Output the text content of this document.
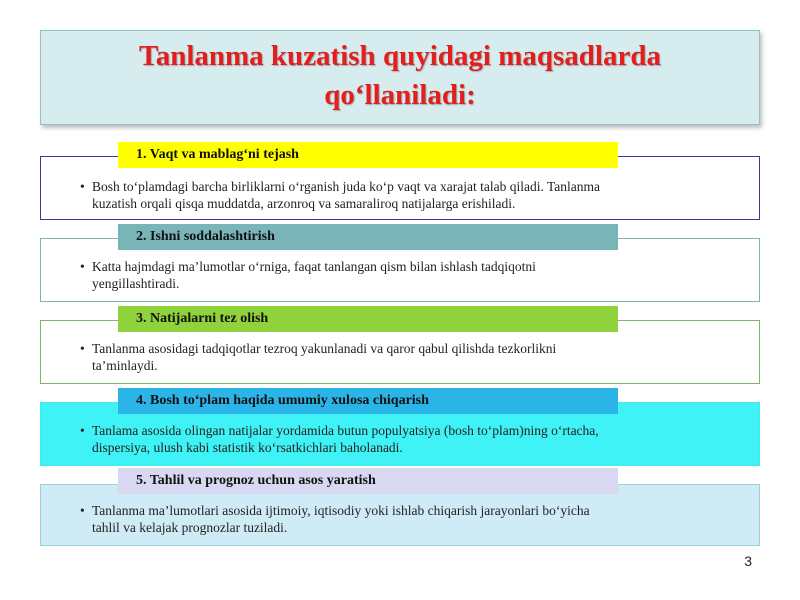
Tanlanma kuzatish quyidagi maqsadlarda
qo‘llaniladi:
1. Vaqt va mablag‘ni tejash
• Bosh to‘plamdagi barcha birliklarni o‘rganish juda ko‘p vaqt va xarajat talab qiladi. Tanlanma
kuzatish orqali qisqa muddatda, arzonroq va samaraliroq natijalarga erishiladi.
2. Ishni soddalashtirish
• Katta hajmdagi ma’lumotlar o‘rniga, faqat tanlangan qism bilan ishlash tadqiqotni
yengillashtiradi.
3. Natijalarni tez olish
• Tanlanma asosidagi tadqiqotlar tezroq yakunlanadi va qaror qabul qilishda tezkorlikni
ta’minlaydi.
4. Bosh to‘plam haqida umumiy xulosa chiqarish
• Tanlama asosida olingan natijalar yordamida butun populyatsiya (bosh to‘plam)ning o‘rtacha,
dispersiya, ulush kabi statistik ko‘rsatkichlari baholanadi.
5. Tahlil va prognoz uchun asos yaratish
• Tanlanma ma’lumotlari asosida ijtimoiy, iqtisodiy yoki ishlab chiqarish jarayonlari bo‘yicha
tahlil va kelajak prognozlar tuziladi.
3
